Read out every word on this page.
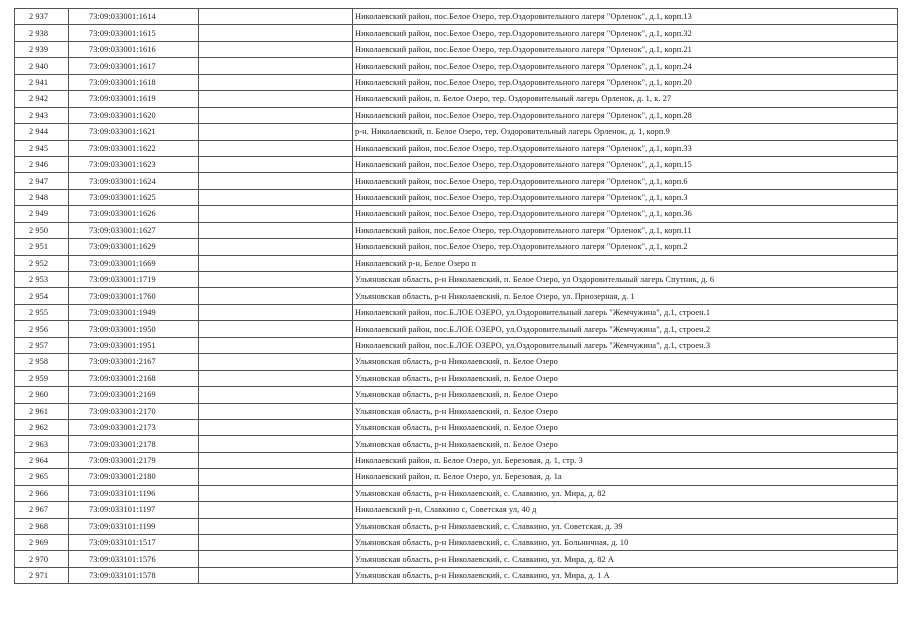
2 937	73:09:033001:1614		Николаевский район, пос.Белое Озеро, тер.Оздоровительного лагеря "Орленок", д.1, корп.13
2 938	73:09:033001:1615		Николаевский район, пос.Белое Озеро, тер.Оздоровительного лагеря "Орленок", д.1, корп.32
2 939	73:09:033001:1616		Николаевский район, пос.Белое Озеро, тер.Оздоровительного лагеря "Орленок", д.1, корп.21
2 940	73:09:033001:1617		Николаевский район, пос.Белое Озеро, тер.Оздоровительного лагеря "Орленок", д.1, корп.24
2 941	73:09:033001:1618		Николаевский район, пос.Белое Озеро, тер.Оздоровительного лагеря "Орленок", д.1, корп.20
2 942	73:09:033001:1619		Николаевский район, п. Белое Озеро, тер. Оздоровительный лагерь Орленок, д. 1, к. 27
2 943	73:09:033001:1620		Николаевский район, пос.Белое Озеро, тер.Оздоровительного лагеря "Орленок", д.1, корп.28
2 944	73:09:033001:1621		р-н. Николаевский, п. Белое Озеро, тер. Оздоровительный лагерь Орленок, д. 1, корп.9
2 945	73:09:033001:1622		Николаевский район, пос.Белое Озеро, тер.Оздоровительного лагеря "Орленок", д.1, корп.33
2 946	73:09:033001:1623		Николаевский район, пос.Белое Озеро, тер.Оздоровительного лагеря "Орленок", д.1, корп.15
2 947	73:09:033001:1624		Николаевский район, пос.Белое Озеро, тер.Оздоровительного лагеря "Орленок", д.1, корп.6
2 948	73:09:033001:1625		Николаевский район, пос.Белое Озеро, тер.Оздоровительного лагеря "Орленок", д.1, корп.3
2 949	73:09:033001:1626		Николаевский район, пос.Белое Озеро, тер.Оздоровительного лагеря "Орленок", д.1, корп.36
2 950	73:09:033001:1627		Николаевский район, пос.Белое Озеро, тер.Оздоровительного лагеря "Орленок", д.1, корп.11
2 951	73:09:033001:1629		Николаевский район, пос.Белое Озеро, тер.Оздоровительного лагеря "Орленок", д.1, корп.2
2 952	73:09:033001:1669		Николаевский р-н, Белое Озеро п
2 953	73:09:033001:1719		Ульяновская область, р-н Николаевский, п. Белое Озеро, ул Оздоровительный лагерь Спутник, д. 6
2 954	73:09:033001:1760		Ульяновская область, р-н Николаевский, п. Белое Озеро, ул. Приозерная, д. 1
2 955	73:09:033001:1949		Николаевский район, пос.Б.ЛОЕ ОЗЕРО, ул.Оздоровительный лагерь "Жемчужина", д.1, строен.1
2 956	73:09:033001:1950		Николаевский район, пос.Б.ЛОЕ ОЗЕРО, ул.Оздоровительный лагерь "Жемчужина", д.1, строен.2
2 957	73:09:033001:1951		Николаевский район, пос.Б.ЛОЕ ОЗЕРО, ул.Оздоровительный лагерь "Жемчужина", д.1, строен.3
2 958	73:09:033001:2167		Ульяновская область, р-н Николаевский, п. Белое Озеро
2 959	73:09:033001:2168		Ульяновская область, р-н Николаевский, п. Белое Озеро
2 960	73:09:033001:2169		Ульяновская область, р-н Николаевский, п. Белое Озеро
2 961	73:09:033001:2170		Ульяновская область, р-н Николаевский, п. Белое Озеро
2 962	73:09:033001:2173		Ульяновская область, р-н Николаевский, п. Белое Озеро
2 963	73:09:033001:2178		Ульяновская область, р-н Николаевский, п. Белое Озеро
2 964	73:09:033001:2179		Николаевский район, п. Белое Озеро, ул. Березовая, д. 1, стр. 3
2 965	73:09:033001:2180		Николаевский район, п. Белое Озеро, ул. Березовая, д. 1а
2 966	73:09:033101:1196		Ульяновская область, р-н Николаевский, с. Славкино, ул. Мира, д. 82
2 967	73:09:033101:1197		Николаевский р-н, Славкино с, Советская ул, 40 д
2 968	73:09:033101:1199		Ульяновская область, р-н Николаевский, с. Славкино, ул. Советская, д. 39
2 969	73:09:033101:1517		Ульяновская область, р-н Николаевский, с. Славкино, ул. Больничная, д. 10
2 970	73:09:033101:1576		Ульяновская область, р-н Николаевский, с. Славкино, ул. Мира, д. 82 А
2 971	73:09:033101:1578		Ульяновская область, р-н Николаевский, с. Славкино, ул. Мира, д. 1 А
